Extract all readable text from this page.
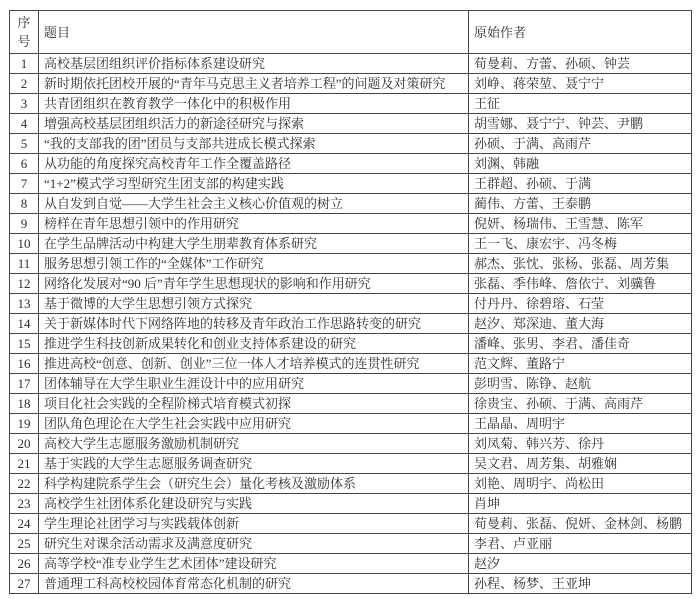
序号	题目	原始作者
1	高校基层团组织评价指标体系建设研究	荀曼莉、方蕾、孙硕、钟芸
2	新时期依托团校开展的“青年马克思主义者培养工程”的问题及对策研究	刘峥、蒋荣堃、聂宁宁
3	共青团组织在教育教学一体化中的积极作用	王征
4	增强高校基层团组织活力的新途径研究与探索	胡雪娜、聂宁宁、钟芸、尹鹏
5	“我的支部我的团”团员与支部共进成长模式探索	孙硕、于满、高雨芹
6	从功能的角度探究高校青年工作全覆盖路径	刘渊、韩融
7	“1+2”模式学习型研究生团支部的构建实践	王群超、孙硕、于满
8	从自发到自觉——大学生社会主义核心价值观的树立	蔺伟、方蕾、王泰鹏
9	榜样在青年思想引领中的作用研究	倪妍、杨瑞伟、王雪慧、陈军
10	在学生品牌活动中构建大学生朋辈教育体系研究	王一飞、康宏宇、冯冬梅
11	服务思想引领工作的“全媒体”工作研究	郝杰、张忱、张杨、张磊、周芳集
12	网络化发展对“90 后”青年学生思想现状的影响和作用研究	张磊、季伟峰、詹依宁、刘骥鲁
13	基于微博的大学生思想引领方式探究	付丹丹、徐碧瑢、石莹
14	关于新媒体时代下网络阵地的转移及青年政治工作思路转变的研究	赵汐、郑深迪、董大海
15	推进学生科技创新成果转化和创业支持体系建设的研究	潘峰、张男、李君、潘佳奇
16	推进高校“创意、创新、创业”三位一体人才培养模式的连贯性研究	范文辉、董路宁
17	团体辅导在大学生职业生涯设计中的应用研究	彭明雪、陈铮、赵航
18	项目化社会实践的全程阶梯式培育模式初探	徐贵宝、孙硕、于满、高雨芹
19	团队角色理论在大学生社会实践中应用研究	王晶晶、周明宇
20	高校大学生志愿服务激励机制研究	刘凤菊、韩兴芳、徐丹
21	基于实践的大学生志愿服务调查研究	吴文君、周芳集、胡雅娴
22	科学构建院系学生会（研究生会）量化考核及激励体系	刘艳、周明宇、尚松田
23	高校学生社团体系化建设研究与实践	肖坤
24	学生理论社团学习与实践载体创新	荀曼莉、张磊、倪妍、金林剑、杨鹏
25	研究生对课余活动需求及满意度研究	李君、卢亚丽
26	高等学校“准专业学生艺术团体”建设研究	赵汐
27	普通理工科高校校园体育常态化机制的研究	孙程、杨梦、王亚坤
